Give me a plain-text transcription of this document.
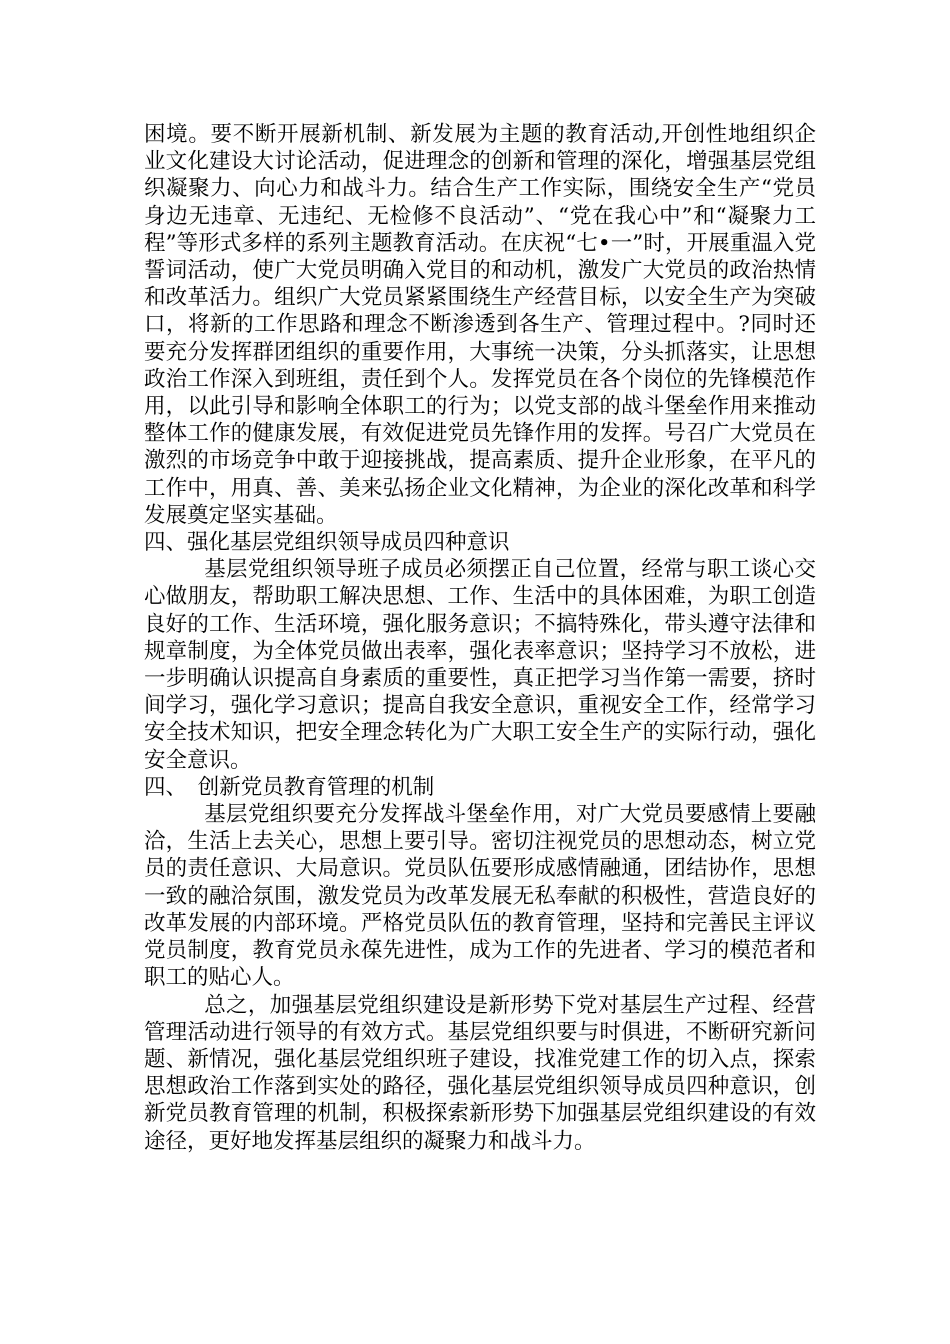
困境。要不断开展新机制、新发展为主题的教育活动,开创性地组织企业文化建设大讨论活动，促进理念的创新和管理的深化，增强基层党组织凝聚力、向心力和战斗力。结合生产工作实际，围绕安全生产“党员身边无违章、无违纪、无检修不良活动”、“党在我心中”和“凝聚力工程”等形式多样的系列主题教育活动。在庆祝“七•一”时，开展重温入党誓词活动，使广大党员明确入党目的和动机，激发广大党员的政治热情和改革活力。组织广大党员紧紧围绕生产经营目标，以安全生产为突破口，将新的工作思路和理念不断渗透到各生产、管理过程中。?同时还要充分发挥群团组织的重要作用，大事统一决策，分头抓落实，让思想政治工作深入到班组，责任到个人。发挥党员在各个岗位的先锋模范作用，以此引导和影响全体职工的行为；以党支部的战斗堡垒作用来推动整体工作的健康发展，有效促进党员先锋作用的发挥。号召广大党员在激烈的市场竞争中敢于迎接挑战，提高素质、提升企业形象，在平凡的工作中，用真、善、美来弘扬企业文化精神，为企业的深化改革和科学发展奠定坚实基础。

四、强化基层党组织领导成员四种意识

基层党组织领导班子成员必须摆正自己位置，经常与职工谈心交心做朋友，帮助职工解决思想、工作、生活中的具体困难，为职工创造良好的工作、生活环境，强化服务意识；不搞特殊化，带头遵守法律和规章制度，为全体党员做出表率，强化表率意识；坚持学习不放松，进一步明确认识提高自身素质的重要性，真正把学习当作第一需要，挤时间学习，强化学习意识；提高自我安全意识，重视安全工作，经常学习安全技术知识，把安全理念转化为广大职工安全生产的实际行动，强化安全意识。

四、　创新党员教育管理的机制

基层党组织要充分发挥战斗堡垒作用，对广大党员要感情上要融洽，生活上去关心，思想上要引导。密切注视党员的思想动态，树立党员的责任意识、大局意识。党员队伍要形成感情融通，团结协作，思想一致的融洽氛围，激发党员为改革发展无私奉献的积极性，营造良好的改革发展的内部环境。严格党员队伍的教育管理，坚持和完善民主评议党员制度，教育党员永葆先进性，成为工作的先进者、学习的模范者和职工的贴心人。

总之，加强基层党组织建设是新形势下党对基层生产过程、经营管理活动进行领导的有效方式。基层党组织要与时俱进，不断研究新问题、新情况，强化基层党组织班子建设，找准党建工作的切入点，探索思想政治工作落到实处的路径，强化基层党组织领导成员四种意识，创新党员教育管理的机制，积极探索新形势下加强基层党组织建设的有效途径，更好地发挥基层组织的凝聚力和战斗力。
